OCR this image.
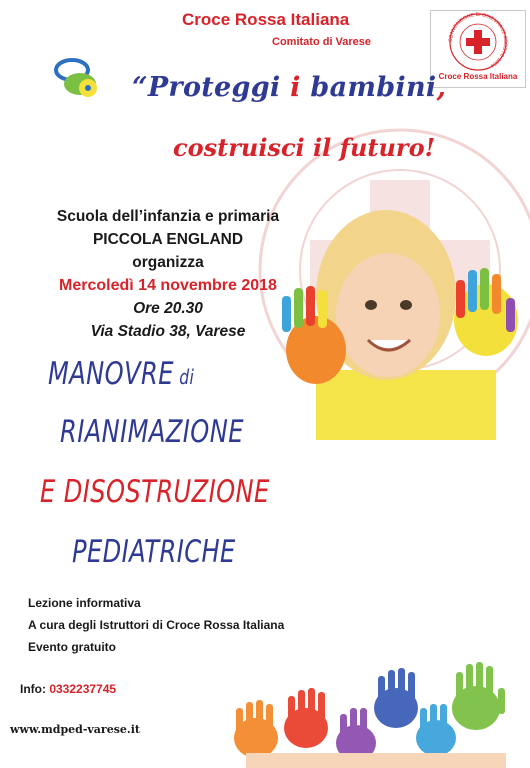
Croce Rossa Italiana
Comitato di Varese	CONVENZIONE DI GINEVRA 22 AGOSTO 1864
Croce Rossa Italiana
“Proteggi i bambini,
costruisci il futuro!
Scuola dell’infanzia e primaria
PICCOLA ENGLAND
organizza
Mercoledì 14 novembre 2018
Ore 20.30
Via Stadio 38, Varese
MANOVRE di
RIANIMAZIONE
E DISOSTRUZIONE
PEDIATRICHE
Lezione informativa
A cura degli Istruttori di Croce Rossa Italiana
Evento gratuito
Info: 0332237745
www.mdped-varese.it
